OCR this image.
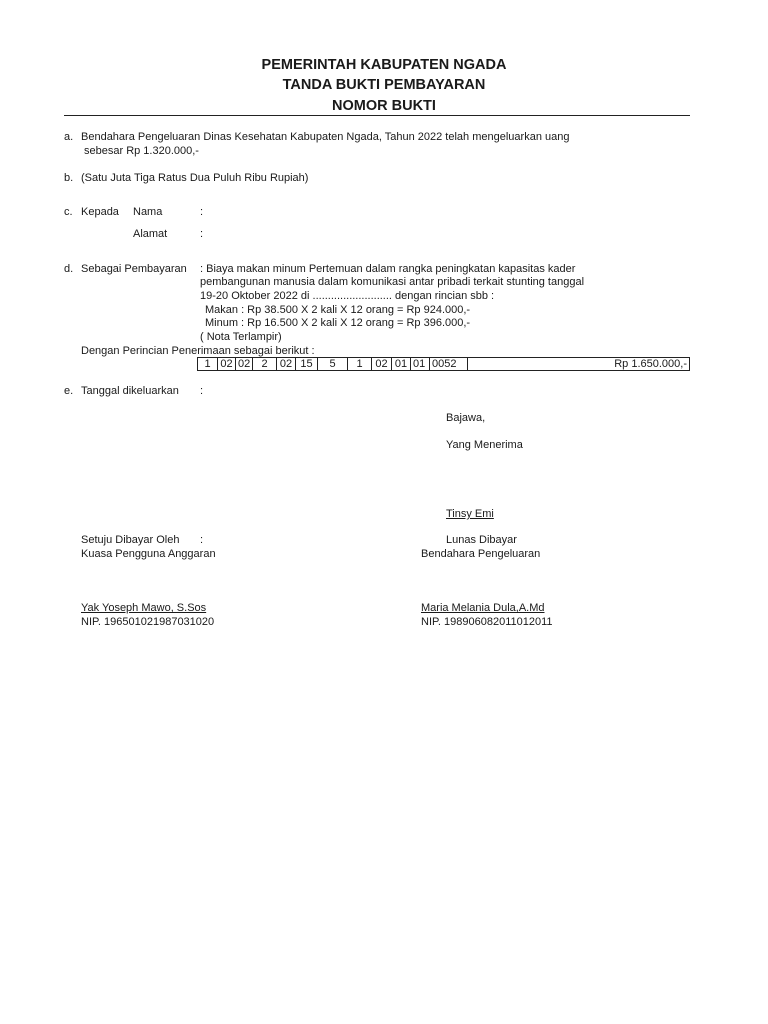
PEMERINTAH KABUPATEN NGADA
TANDA BUKTI PEMBAYARAN
NOMOR BUKTI
a. Bendahara Pengeluaran Dinas Kesehatan Kabupaten Ngada, Tahun 2022 telah mengeluarkan uang
sebesar Rp 1.320.000,-
b. (Satu Juta Tiga Ratus Dua Puluh Ribu Rupiah)
c. Kepada Nama	:
Alamat	:
d. Sebagai Pembayaran : Biaya makan minum Pertemuan dalam rangka peningkatan kapasitas kader
pembangunan manusia dalam komunikasi antar pribadi terkait stunting tanggal
19-20 Oktober 2022 di .......................... dengan rincian sbb :
Makan : Rp 38.500 X 2 kali X 12 orang = Rp 924.000,-
Minum : Rp 16.500 X 2 kali X 12 orang = Rp 396.000,-
( Nota Terlampir)
Dengan Perincian Penerimaan sebagai berikut :
1	02	02	2	02	15	5	1	02	01	01	0052	Rp 1.650.000,-
e. Tanggal dikeluarkan :
Bajawa,
Yang Menerima
Tinsy Emi
Setuju Dibayar Oleh :
Kuasa Pengguna Anggaran
Yak Yoseph Mawo, S.Sos
NIP. 196501021987031020
Lunas Dibayar
Bendahara Pengeluaran
Maria Melania Dula,A.Md
NIP. 198906082011012011
